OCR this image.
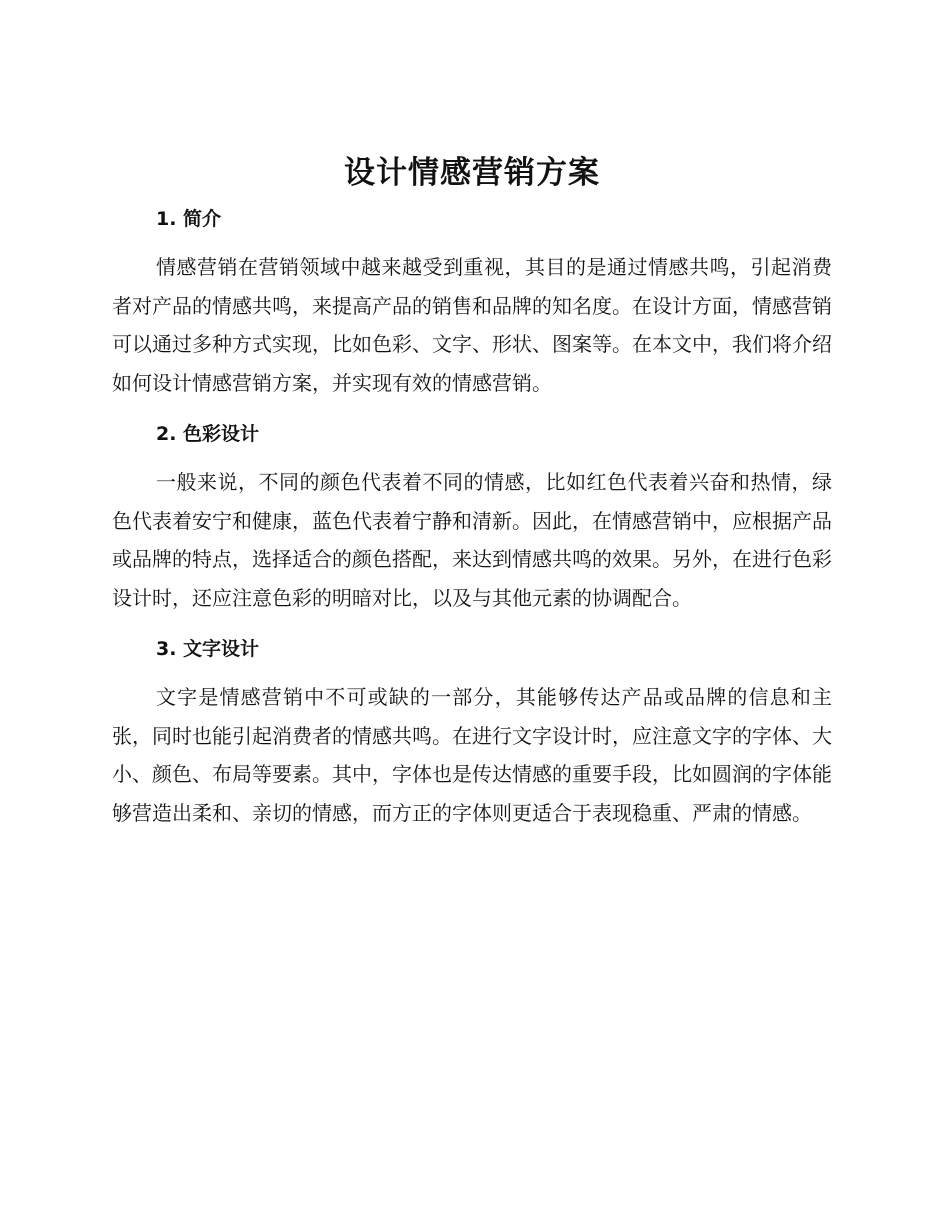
设计情感营销方案
1. 简介

情感营销在营销领域中越来越受到重视，其目的是通过情感共鸣，引起消费者对产品的情感共鸣，来提高产品的销售和品牌的知名度。在设计方面，情感营销可以通过多种方式实现，比如色彩、文字、形状、图案等。在本文中，我们将介绍如何设计情感营销方案，并实现有效的情感营销。

2. 色彩设计

一般来说，不同的颜色代表着不同的情感，比如红色代表着兴奋和热情，绿色代表着安宁和健康，蓝色代表着宁静和清新。因此，在情感营销中，应根据产品或品牌的特点，选择适合的颜色搭配，来达到情感共鸣的效果。另外，在进行色彩设计时，还应注意色彩的明暗对比，以及与其他元素的协调配合。

3. 文字设计

文字是情感营销中不可或缺的一部分，其能够传达产品或品牌的信息和主张，同时也能引起消费者的情感共鸣。在进行文字设计时，应注意文字的字体、大小、颜色、布局等要素。其中，字体也是传达情感的重要手段，比如圆润的字体能够营造出柔和、亲切的情感，而方正的字体则更适合于表现稳重、严肃的情感。
